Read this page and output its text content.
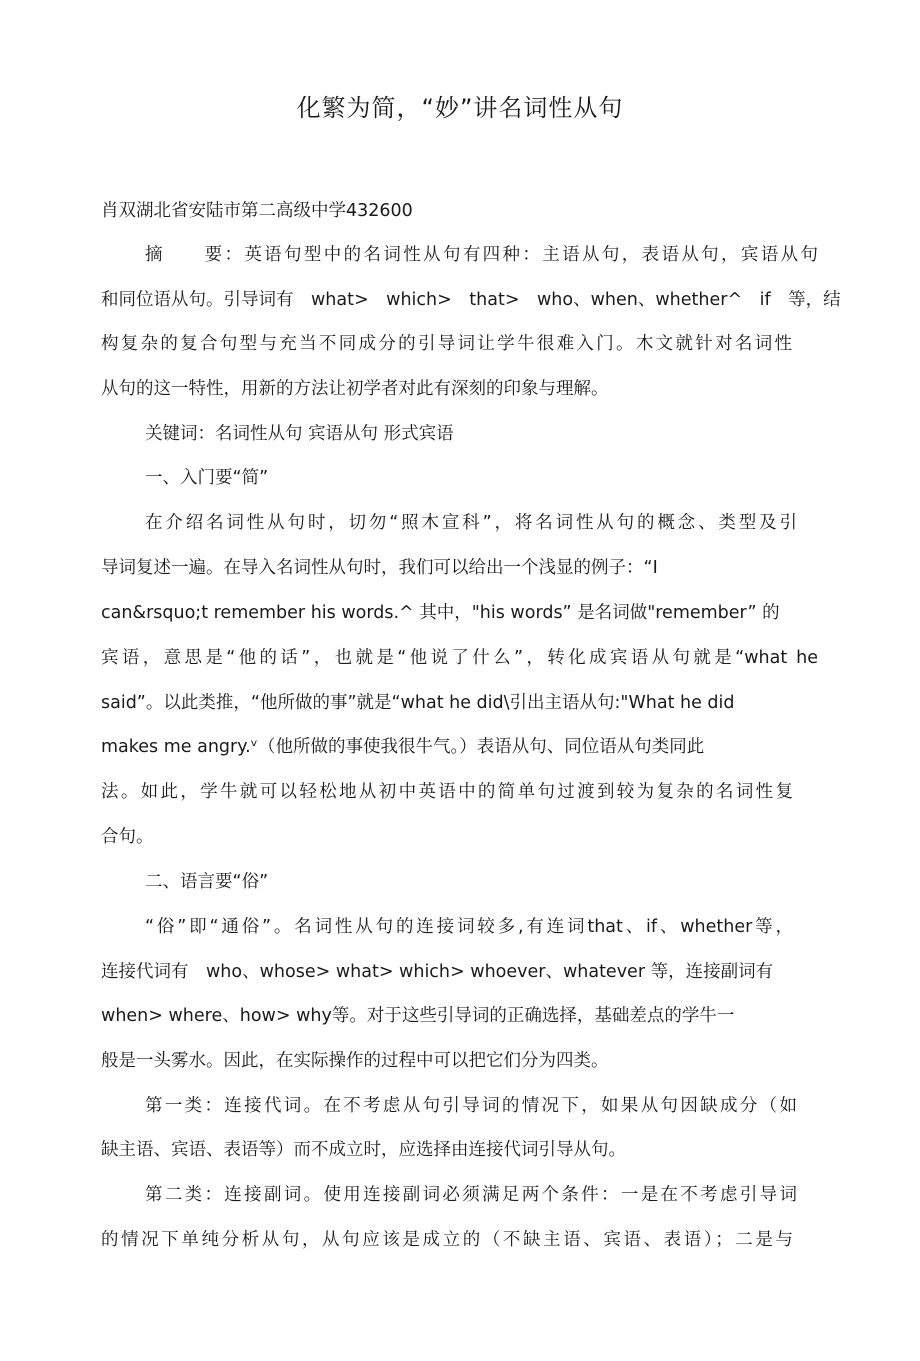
化繁为简，“妙”讲名词性从句
肖双湖北省安陆市第二高级中学432600
摘　　要：英语句型中的名词性从句有四种：主语从句，表语从句，宾语从句
和同位语从句。引导词有　what>　which>　that>　who、when、whether^　if　等，结
构复杂的复合句型与充当不同成分的引导词让学牛很难入门。木文就针对名词性
从句的这一特性，用新的方法让初学者对此有深刻的印象与理解。
关键词：名词性从句 宾语从句 形式宾语
一、入门要“简”
在介绍名词性从句时，切勿“照木宣科”，将名词性从句的概念、类型及引
导词复述一遍。在导入名词性从句时，我们可以给出一个浅显的例子：“I
can&rsquo;t remember his words.^ 其中，"his words” 是名词做"remember” 的
宾语，意思是“他的话”，也就是“他说了什么”，转化成宾语从句就是“what he
said”。以此类推，“他所做的事”就是“what he did\引出主语从句:"What he did
makes me angry.ᵛ（他所做的事使我很牛气。）表语从句、同位语从句类同此
法。如此，学牛就可以轻松地从初中英语中的简单句过渡到较为复杂的名词性复
合句。
二、语言要“俗”
“俗”即“通俗”。名词性从句的连接词较多,有连词that、if、whether等，
连接代词有　who、whose> what> which> whoever、whatever 等，连接副词有
when> where、how> why等。对于这些引导词的正确选择，基础差点的学牛一
般是一头雾水。因此，在实际操作的过程中可以把它们分为四类。
第一类：连接代词。在不考虑从句引导词的情况下，如果从句因缺成分（如
缺主语、宾语、表语等）而不成立时，应选择由连接代词引导从句。
第二类：连接副词。使用连接副词必须满足两个条件：一是在不考虑引导词
的情况下单纯分析从句，从句应该是成立的（不缺主语、宾语、表语）；二是与
